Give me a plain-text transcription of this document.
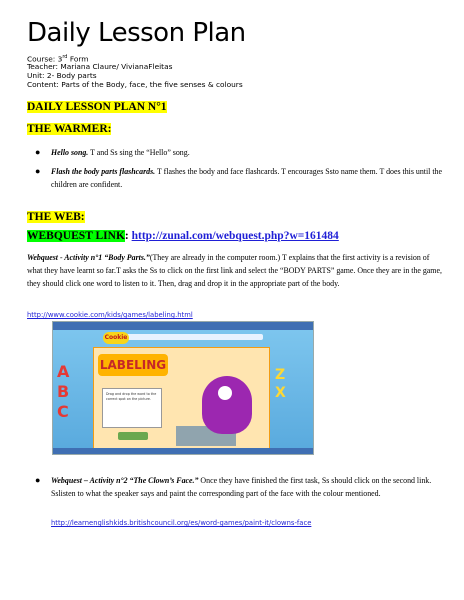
Daily Lesson Plan
Course: 3rd Form
Teacher: Mariana Claure/ VivianaFleitas
Unit: 2- Body parts
Content: Parts of the Body, face, the five senses & colours
DAILY LESSON PLAN N°1
THE WARMER:
● Hello song. T and Ss sing the “Hello” song.
● Flash the body parts flashcards. T flashes the body and face flashcards. T encourages Ssto name them. T does this until the children are confident.
THE WEB:
WEBQUEST LINK: http://zunal.com/webquest.php?w=161484
Webquest - Activity n°1 “Body Parts.”(They are already in the computer room.) T explains that the first activity is a revision of what they have learnt so far.T asks the Ss to click on the first link and select the “BODY PARTS” game. Once they are in the game, they should click one word to listen to it. Then, drag and drop it in the appropriate part of the body.
http://www.cookie.com/kids/games/labeling.html
Cookie
A
B
C
Z
X
LABELING
Drag and drop the word to the correct spot on the picture.
● Webquest – Activity n°2 “The Clown’s Face.” Once they have finished the first task, Ss should click on the second link. Sslisten to what the speaker says and paint the corresponding part of the face with the colour mentioned.
http://learnenglishkids.britishcouncil.org/es/word-games/paint-it/clowns-face
